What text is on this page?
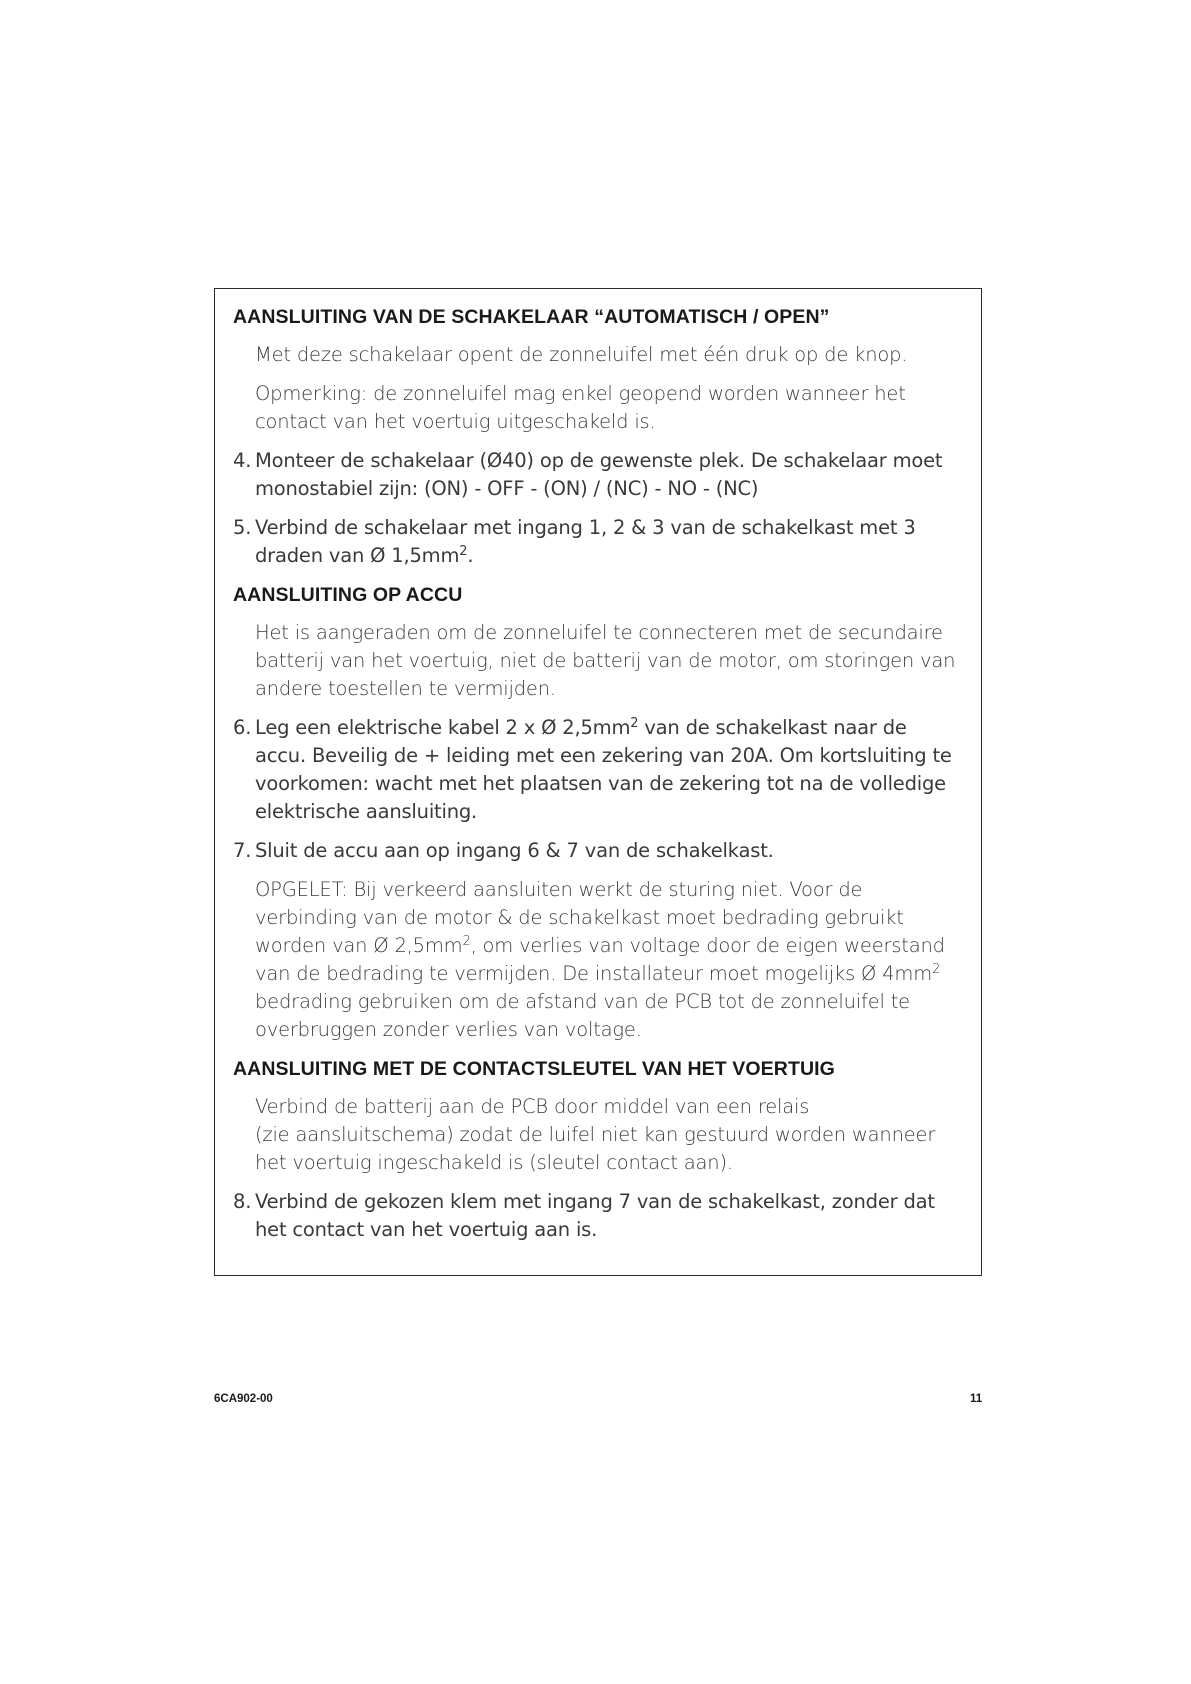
AANSLUITING VAN DE SCHAKELAAR “AUTOMATISCH / OPEN”
Met deze schakelaar opent de zonneluifel met één druk op de knop.
Opmerking: de zonneluifel mag enkel geopend worden wanneer het contact van het voertuig uitgeschakeld is.
4. Monteer de schakelaar (Ø40) op de gewenste plek. De schakelaar moet monostabiel zijn: (ON) - OFF - (ON) / (NC) - NO - (NC)
5. Verbind de schakelaar met ingang 1, 2 & 3 van de schakelkast met 3 draden van Ø $1,5mm^2$.
AANSLUITING OP ACCU
Het is aangeraden om de zonneluifel te connecteren met de secundaire batterij van het voertuig, niet de batterij van de motor, om storingen van andere toestellen te vermijden.
6. Leg een elektrische kabel 2 x Ø $2,5mm^2$ van de schakelkast naar de accu. Beveilig de + leiding met een zekering van 20A. Om kortsluiting te voorkomen: wacht met het plaatsen van de zekering tot na de volledige elektrische aansluiting.
7. Sluit de accu aan op ingang 6 & 7 van de schakelkast.
OPGELET: Bij verkeerd aansluiten werkt de sturing niet. Voor de verbinding van de motor & de schakelkast moet bedrading gebruikt worden van Ø $2,5mm^2$, om verlies van voltage door de eigen weerstand van de bedrading te vermijden. De installateur moet mogelijks Ø $4mm^2$ bedrading gebruiken om de afstand van de PCB tot de zonneluifel te overbruggen zonder verlies van voltage.
AANSLUITING MET DE CONTACTSLEUTEL VAN HET VOERTUIG
Verbind de batterij aan de PCB door middel van een relais
(zie aansluitschema) zodat de luifel niet kan gestuurd worden wanneer het voertuig ingeschakeld is (sleutel contact aan).
8. Verbind de gekozen klem met ingang 7 van de schakelkast, zonder dat het contact van het voertuig aan is.
6CA902-00	11
